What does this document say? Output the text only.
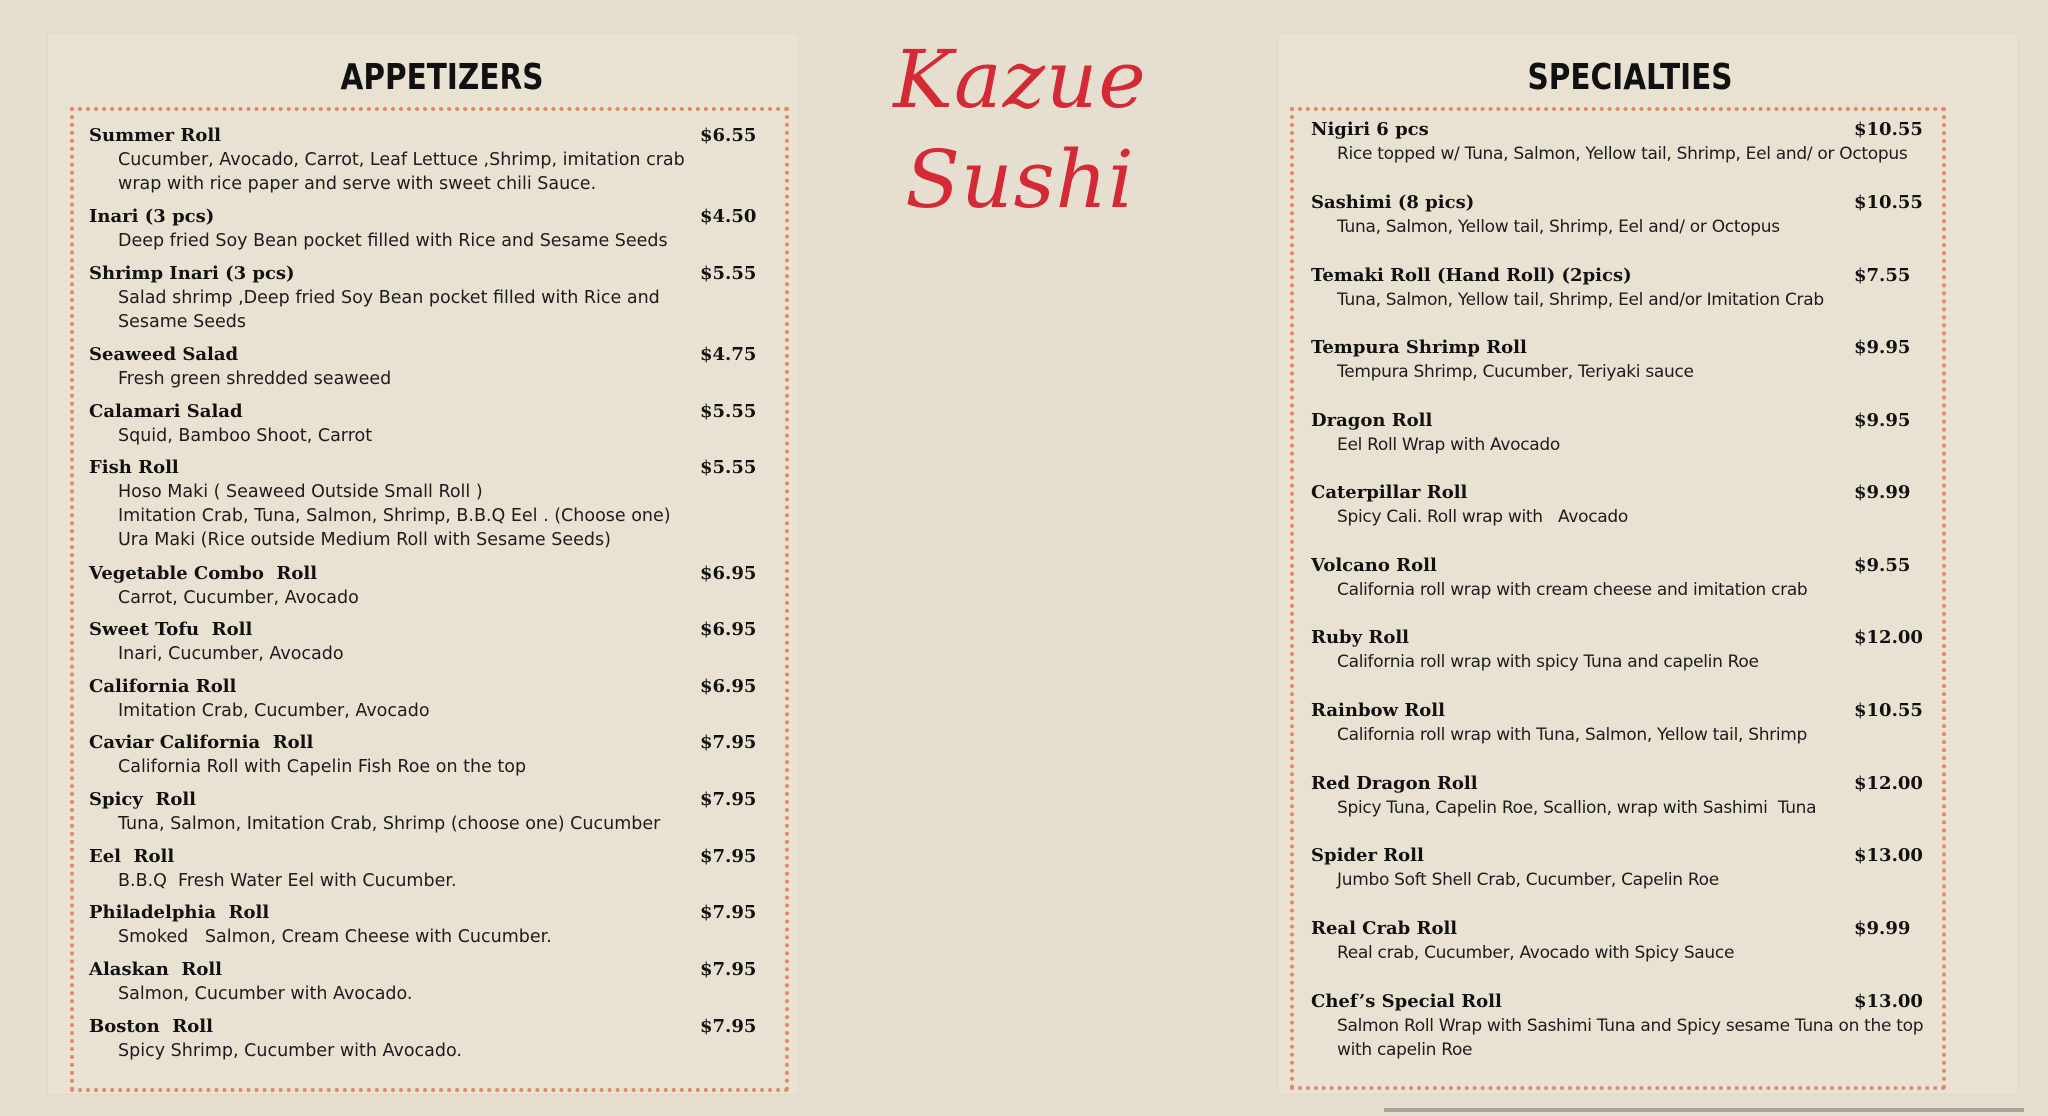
Kazue Sushi
APPETIZERS	SPECIALTIES
Summer Roll	$6.55
Cucumber, Avocado, Carrot, Leaf Lettuce ,Shrimp, imitation crab
wrap with rice paper and serve with sweet chili Sauce.
Inari (3 pcs)	$4.50
Deep fried Soy Bean pocket filled with Rice and Sesame Seeds
Shrimp Inari (3 pcs)	$5.55
Salad shrimp ,Deep fried Soy Bean pocket filled with Rice and
Sesame Seeds
Seaweed Salad	$4.75
Fresh green shredded seaweed
Calamari Salad	$5.55
Squid, Bamboo Shoot, Carrot
Fish Roll	$5.55
Hoso Maki ( Seaweed Outside Small Roll )
Imitation Crab, Tuna, Salmon, Shrimp, B.B.Q Eel . (Choose one)
Ura Maki (Rice outside Medium Roll with Sesame Seeds)
Vegetable Combo  Roll	$6.95
Carrot, Cucumber, Avocado
Sweet Tofu  Roll	$6.95
Inari, Cucumber, Avocado
California Roll	$6.95
Imitation Crab, Cucumber, Avocado
Caviar California  Roll	$7.95
California Roll with Capelin Fish Roe on the top
Spicy  Roll	$7.95
Tuna, Salmon, Imitation Crab, Shrimp (choose one) Cucumber
Eel  Roll	$7.95
B.B.Q  Fresh Water Eel with Cucumber.
Philadelphia  Roll	$7.95
Smoked   Salmon, Cream Cheese with Cucumber.
Alaskan  Roll	$7.95
Salmon, Cucumber with Avocado.
Boston  Roll	$7.95
Spicy Shrimp, Cucumber with Avocado.
Nigiri 6 pcs	$10.55
Rice topped w/ Tuna, Salmon, Yellow tail, Shrimp, Eel and/ or Octopus
Sashimi (8 pics)	$10.55
Tuna, Salmon, Yellow tail, Shrimp, Eel and/ or Octopus
Temaki Roll (Hand Roll) (2pics)	$7.55
Tuna, Salmon, Yellow tail, Shrimp, Eel and/or Imitation Crab
Tempura Shrimp Roll	$9.95
Tempura Shrimp, Cucumber, Teriyaki sauce
Dragon Roll	$9.95
Eel Roll Wrap with Avocado
Caterpillar Roll	$9.99
Spicy Cali. Roll wrap with   Avocado
Volcano Roll	$9.55
California roll wrap with cream cheese and imitation crab
Ruby Roll	$12.00
California roll wrap with spicy Tuna and capelin Roe
Rainbow Roll	$10.55
California roll wrap with Tuna, Salmon, Yellow tail, Shrimp
Red Dragon Roll	$12.00
Spicy Tuna, Capelin Roe, Scallion, wrap with Sashimi  Tuna
Spider Roll	$13.00
Jumbo Soft Shell Crab, Cucumber, Capelin Roe
Real Crab Roll	$9.99
Real crab, Cucumber, Avocado with Spicy Sauce
Chef’s Special Roll	$13.00
Salmon Roll Wrap with Sashimi Tuna and Spicy sesame Tuna on the top
with capelin Roe
